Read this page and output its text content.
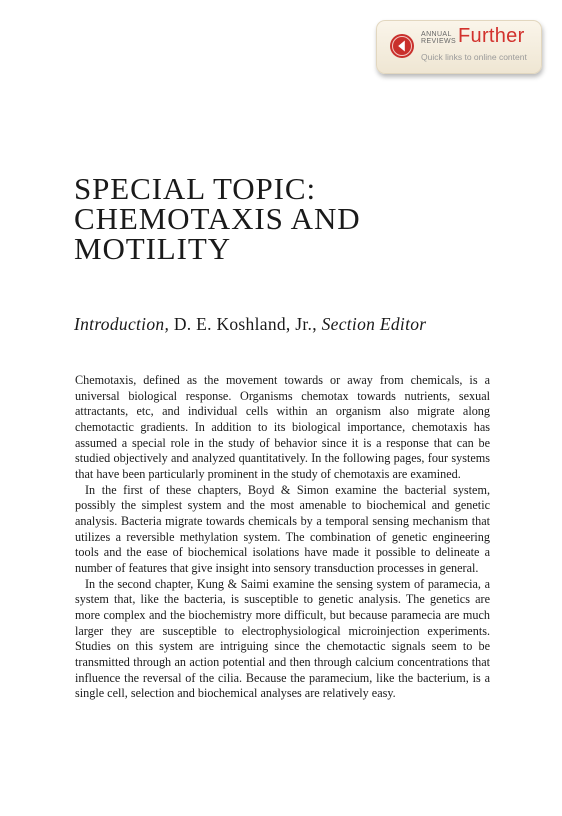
ANNUAL
REVIEWS Further
Quick links to online content
SPECIAL TOPIC:
CHEMOTAXIS AND
MOTILITY
Introduction, D. E. Koshland, Jr., Section Editor

Chemotaxis, defined as the movement towards or away from chemicals, is a universal biological response. Organisms chemotax towards nutrients, sexual attractants, etc, and individual cells within an organism also migrate along chemotactic gradients. In addition to its biological importance, chemotaxis has assumed a special role in the study of behavior since it is a response that can be studied objectively and analyzed quantitatively. In the following pages, four systems that have been particularly prominent in the study of chemotaxis are examined.

In the first of these chapters, Boyd & Simon examine the bacterial system, possibly the simplest system and the most amenable to biochemical and genetic analysis. Bacteria migrate towards chemicals by a temporal sensing mechanism that utilizes a reversible methylation system. The combination of genetic engineering tools and the ease of biochemical isolations have made it possible to delineate a number of features that give insight into sensory transduction processes in general.

In the second chapter, Kung & Saimi examine the sensing system of paramecia, a system that, like the bacteria, is susceptible to genetic analysis. The genetics are more complex and the biochemistry more difficult, but because paramecia are much larger they are susceptible to electrophysiological microinjection experiments. Studies on this system are intriguing since the chemotactic signals seem to be transmitted through an action potential and then through calcium concentrations that influence the reversal of the cilia. Because the paramecium, like the bacterium, is a single cell, selection and biochemical analyses are relatively easy.
